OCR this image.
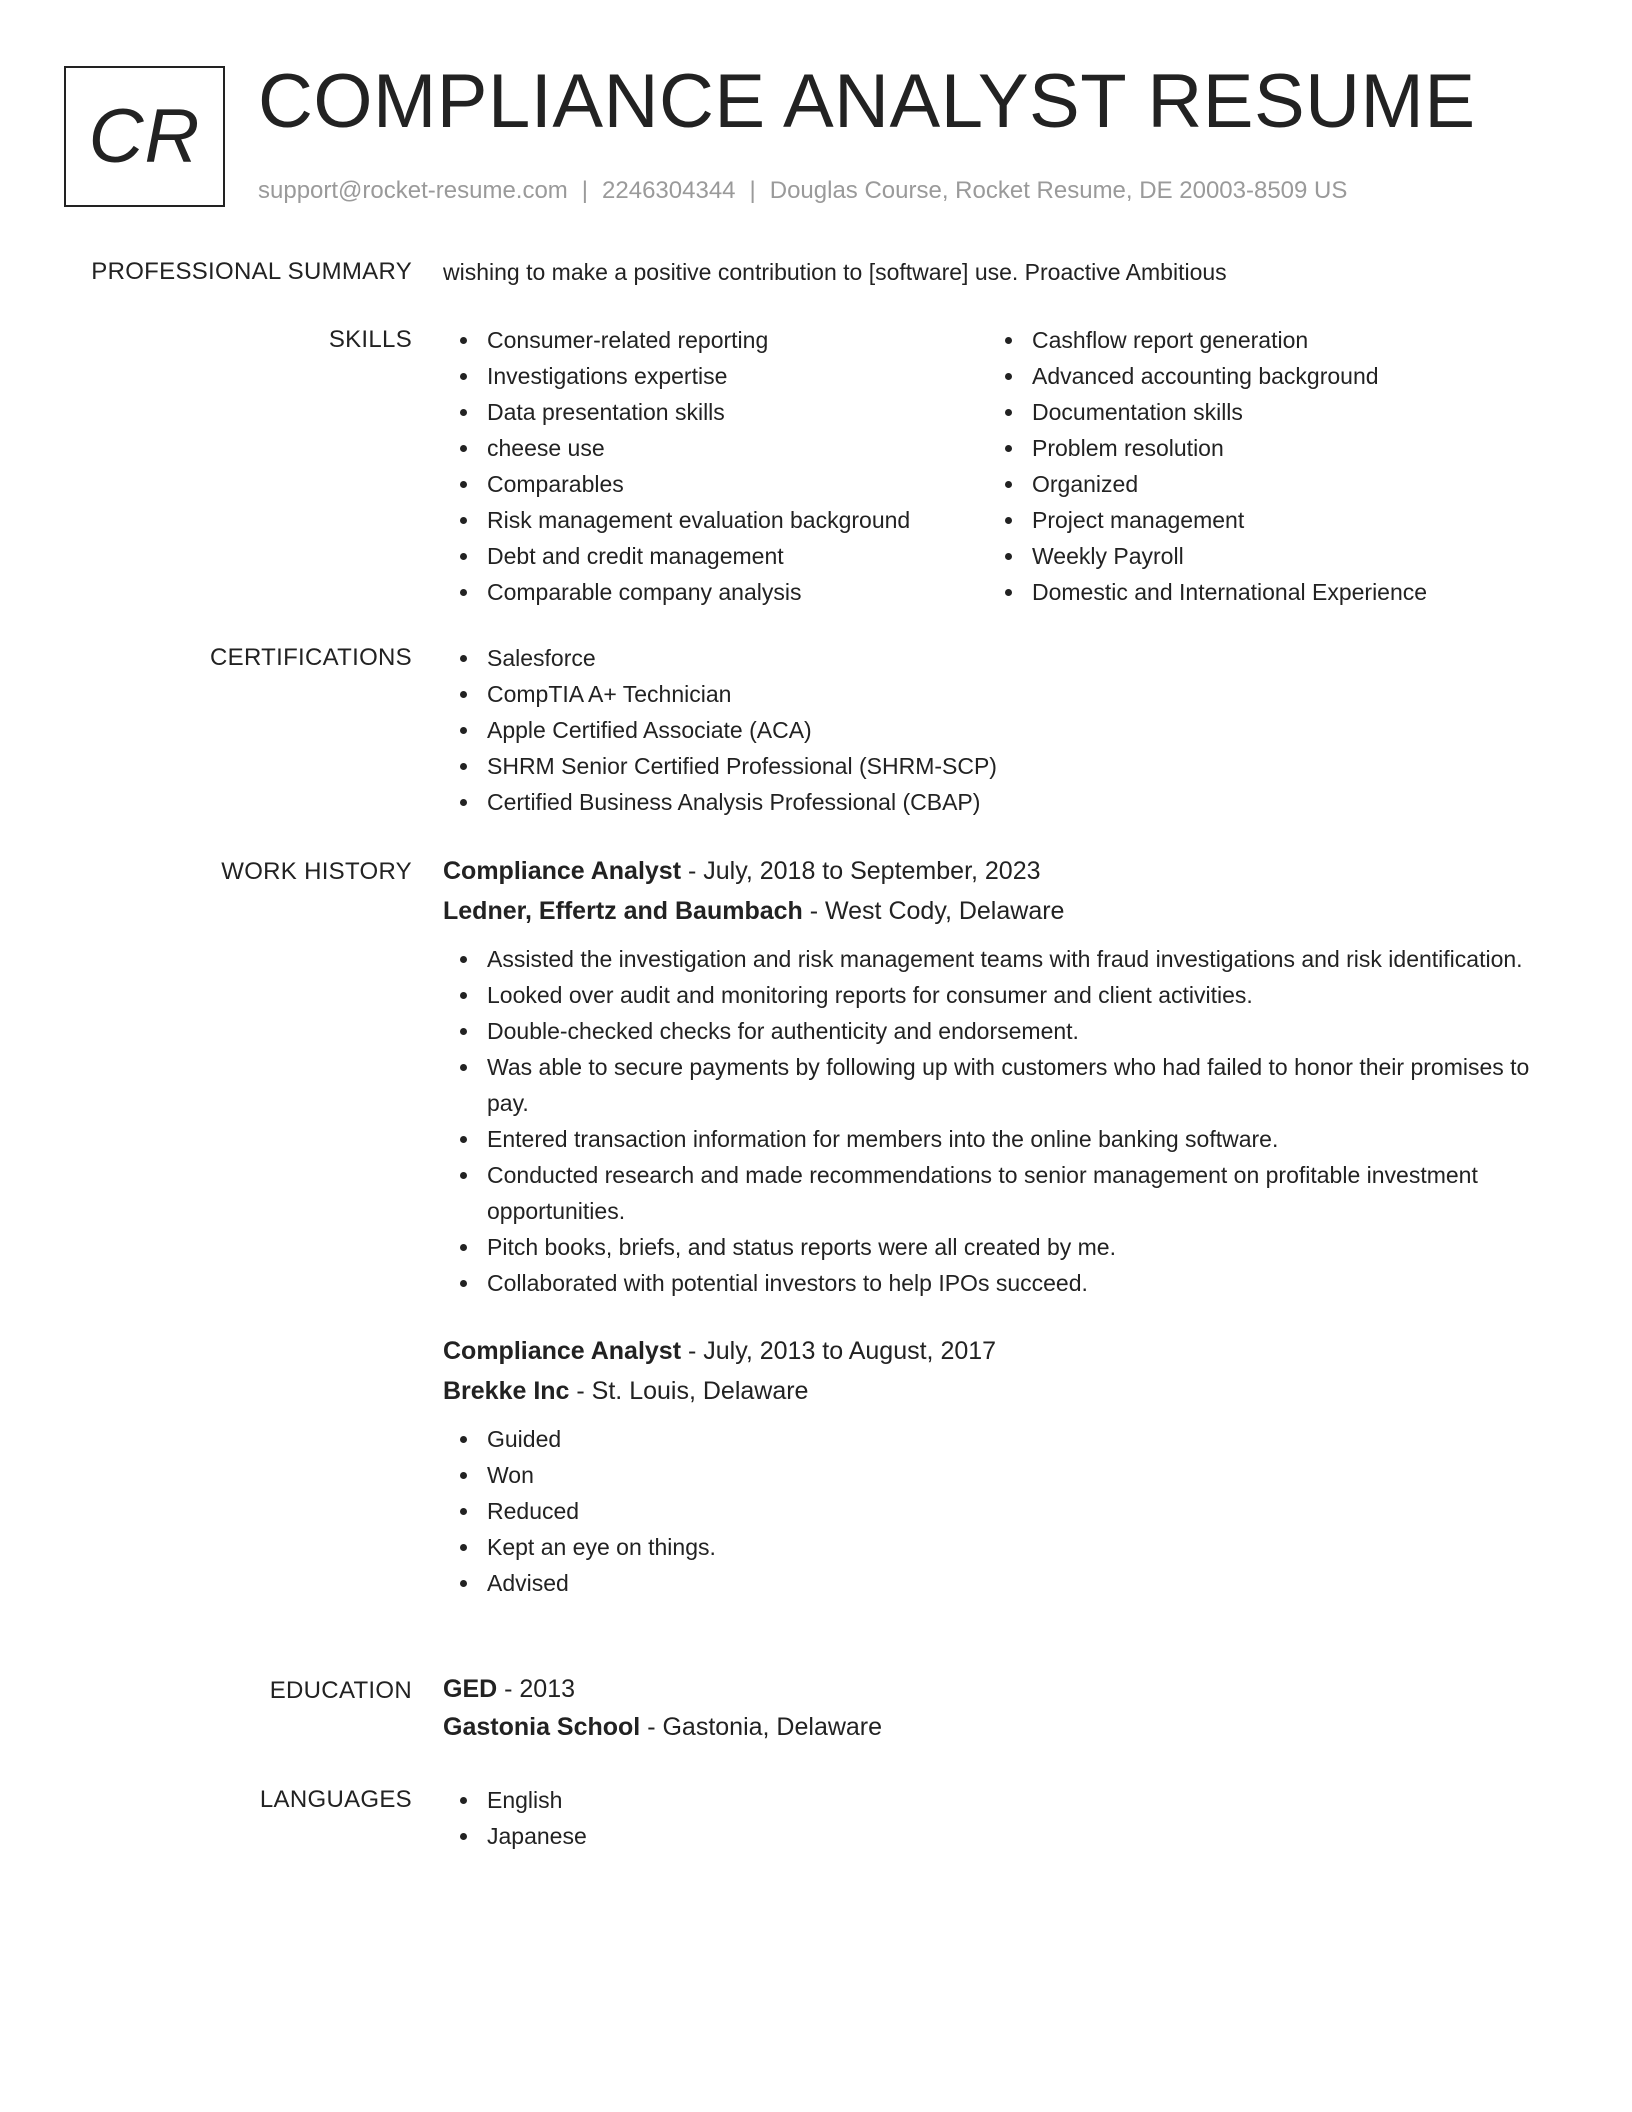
CR COMPLIANCE ANALYST RESUME
support@rocket-resume.com | 2246304344 | Douglas Course, Rocket Resume, DE 20003-8509 US
PROFESSIONAL SUMMARY wishing to make a positive contribution to [software] use. Proactive Ambitious
SKILLS	Consumer-related reporting
Investigations expertise
Data presentation skills
cheese use
Comparables
Risk management evaluation background
Debt and credit management
Comparable company analysis
Cashflow report generation
Advanced accounting background
Documentation skills
Problem resolution
Organized
Project management
Weekly Payroll
Domestic and International Experience
CERTIFICATIONS	Salesforce
CompTIA A+ Technician
Apple Certified Associate (ACA)
SHRM Senior Certified Professional (SHRM-SCP)
Certified Business Analysis Professional (CBAP)
WORK HISTORY Compliance Analyst - July, 2018 to September, 2023
Ledner, Effertz and Baumbach - West Cody, Delaware
Assisted the investigation and risk management teams with fraud investigations and risk identification.
Looked over audit and monitoring reports for consumer and client activities.
Double-checked checks for authenticity and endorsement.
Was able to secure payments by following up with customers who had failed to honor their promises to pay.
Entered transaction information for members into the online banking software.
Conducted research and made recommendations to senior management on profitable investment opportunities.
Pitch books, briefs, and status reports were all created by me.
Collaborated with potential investors to help IPOs succeed.
Compliance Analyst - July, 2013 to August, 2017
Brekke Inc - St. Louis, Delaware
Guided
Won
Reduced
Kept an eye on things.
Advised
EDUCATION GED - 2013
Gastonia School - Gastonia, Delaware
LANGUAGES	English
Japanese
